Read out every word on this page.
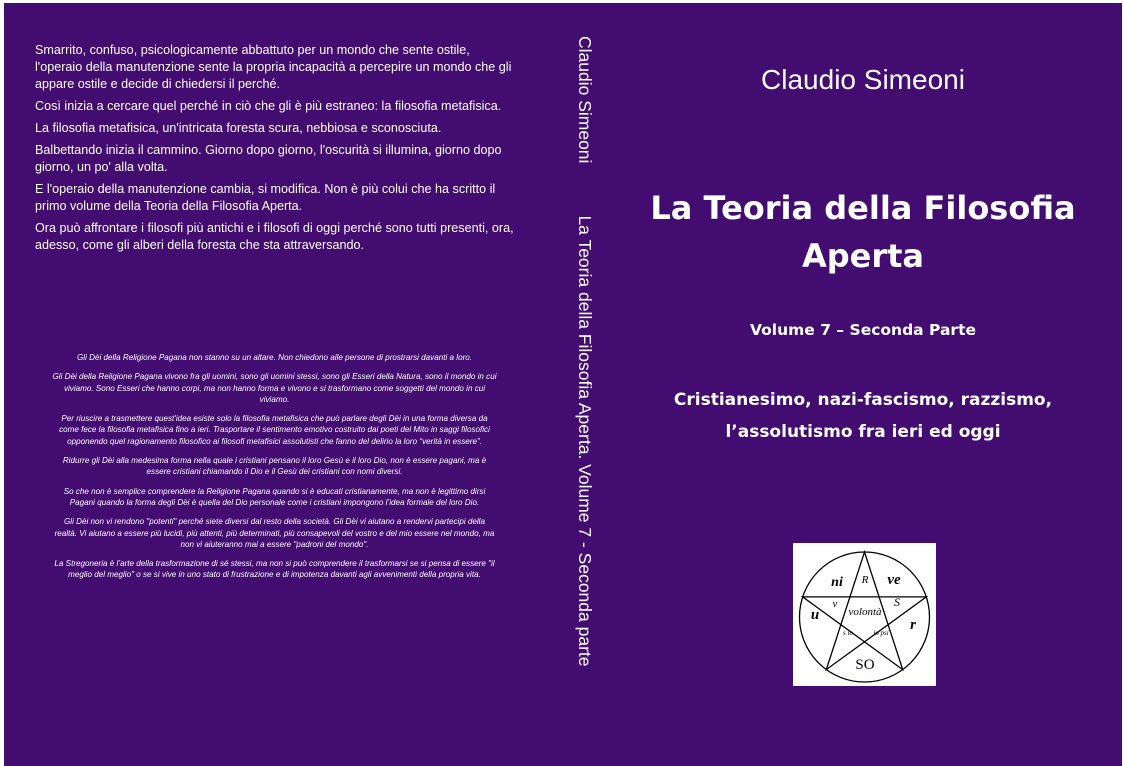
Smarrito, confuso, psicologicamente abbattuto per un mondo che sente ostile, l'operaio della manutenzione sente la propria incapacità a percepire un mondo che gli appare ostile e decide di chiedersi il perché.

Così inizia a cercare quel perché in ciò che gli è più estraneo: la filosofia metafisica.

La filosofia metafisica, un'intricata foresta scura, nebbiosa e sconosciuta.

Balbettando inizia il cammino. Giorno dopo giorno, l'oscurità si illumina, giorno dopo giorno, un po' alla volta.

E l'operaio della manutenzione cambia, si modifica. Non è più colui che ha scritto il primo volume della Teoria della Filosofia Aperta.

Ora può affrontare i filosofi più antichi e i filosofi di oggi perché sono tutti presenti, ora, adesso, come gli alberi della foresta che sta attraversando.

Gli Dèi della Religione Pagana non stanno su un altare. Non chiedono alle persone di prostrarsi davanti a loro.

Gli Dèi della Religione Pagana vivono fra gli uomini, sono gli uomini stessi, sono gli Esseri della Natura, sono il mondo in cui viviamo. Sono Esseri che hanno corpi, ma non hanno forma e vivono e si trasformano come soggetti del mondo in cui viviamo.

Per riuscire a trasmettere quest'idea esiste solo la filosofia metafisica che può parlare degli Dèi in una forma diversa da come fece la filosofia metafisica fino a ieri. Trasportare il sentimento emotivo costruito dai poeti del Mito in saggi filosofici opponendo quel ragionamento filosofico ai filosofi metafisici assolutisti che fanno del delirio la loro “verità in essere”.

Ridurre gli Dèi alla medesima forma nella quale i cristiani pensano il loro Gesù e il loro Dio, non è essere pagani, ma è essere cristiani chiamando il Dio e il Gesù dei cristiani con nomi diversi.

So che non è semplice comprendere la Religione Pagana quando si è educati cristianamente, ma non è legittimo dirsi Pagani quando la forma degli Dèi è quella del Dio personale come i cristiani impongono l’idea formale del loro Dio.

Gli Dèi non vi rendono "potenti" perché siete diversi dal resto della società. Gli Dèi vi aiutano a rendervi partecipi della realtà. Vi aiutano a essere più lucidi, più attenti, più determinati, più consapevoli del vostro e del mio essere nel mondo, ma non vi aiuteranno mai a essere "padroni del mondo".

La Stregoneria è l’arte della trasformazione di sé stessi, ma non si può comprendere il trasformarsi se si pensa di essere "il meglio del meglio" o se si vive in uno stato di frustrazione e di impotenza davanti agli avvenimenti della propria vita.

Claudio SimeoniLa Teoria della Filosofia Aperta. Volume 7 - Seconda parte
Claudio Simeoni
La Teoria della Filosofia
Aperta
Volume 7 – Seconda Parte
Cristianesimo, nazi-fascismo, razzismo,
l’assolutismo fra ieri ed oggi
ni R ve
u
v
volontà
S
r
s io	io psi
SO
